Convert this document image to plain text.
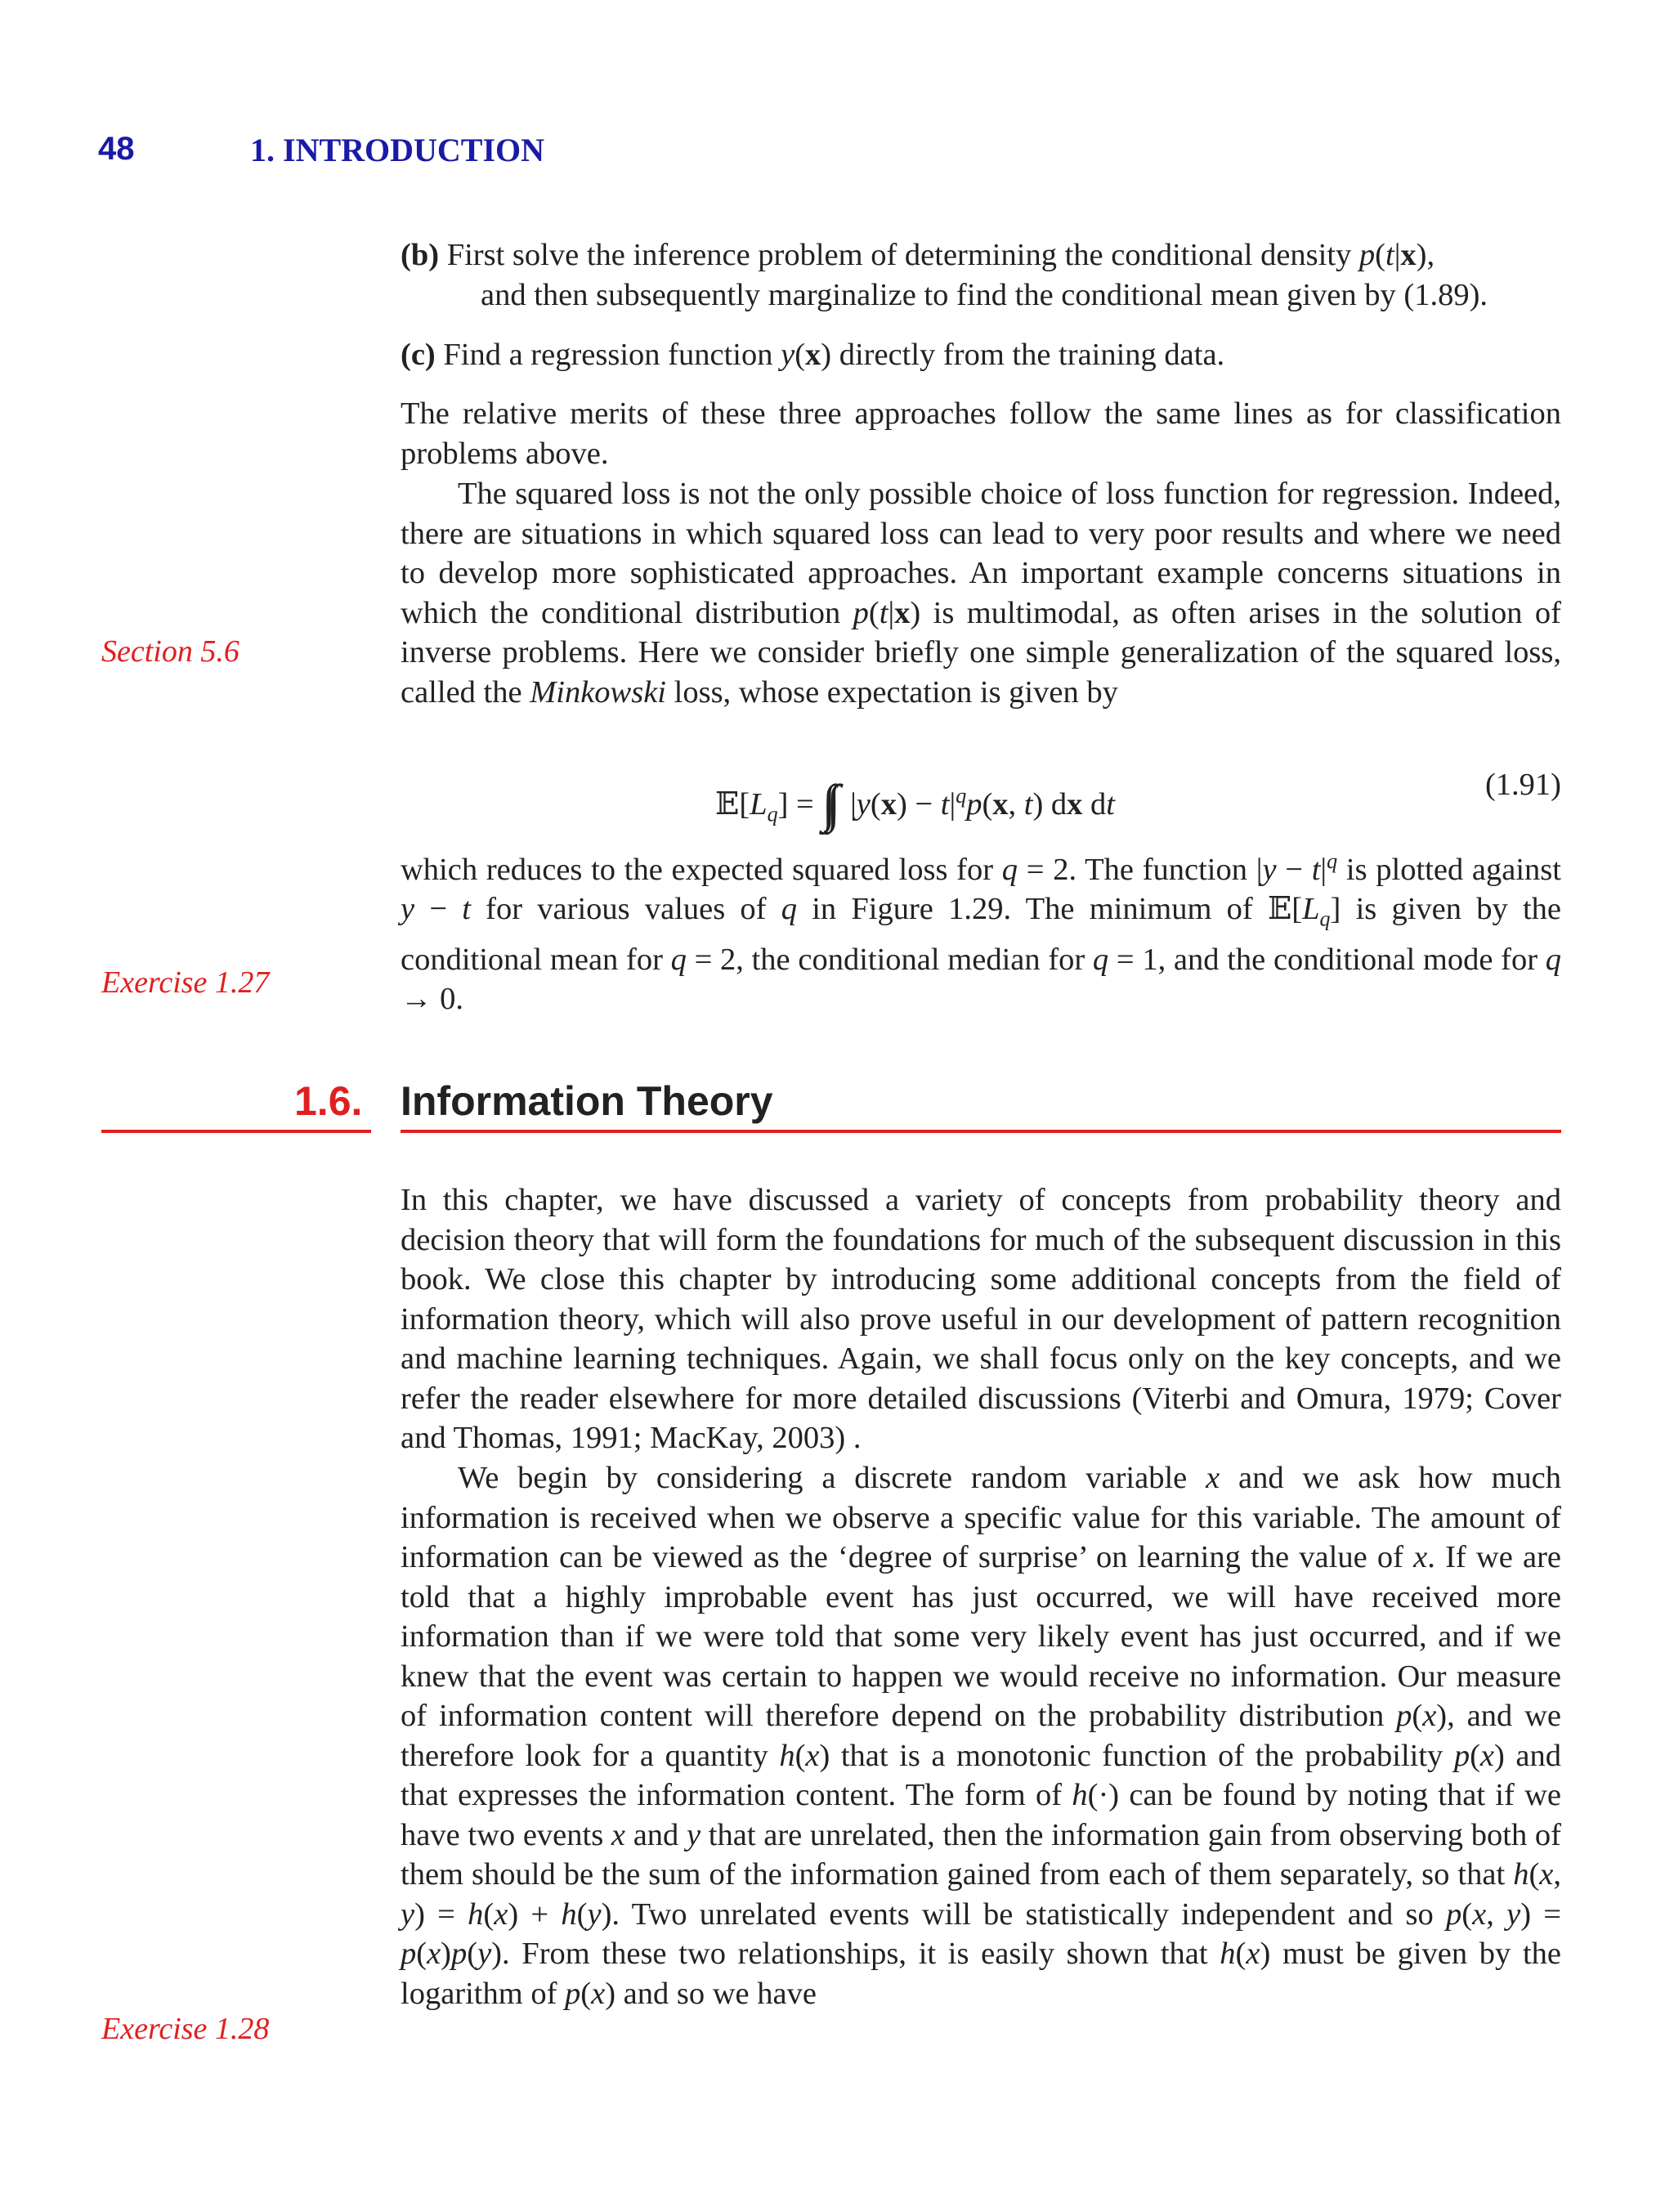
48	1. INTRODUCTION

(b) First solve the inference problem of determining the conditional density p(t|x),
and then subsequently marginalize to find the conditional mean given by (1.89).

(c) Find a regression function y(x) directly from the training data.

The relative merits of these three approaches follow the same lines as for classification problems above.

The squared loss is not the only possible choice of loss function for regression. Indeed, there are situations in which squared loss can lead to very poor results and where we need to develop more sophisticated approaches. An important example concerns situations in which the conditional distribution p(t|x) is multimodal, as often arises in the solution of inverse problems. Here we consider briefly one simple generalization of the squared loss, called the Minkowski loss, whose expectation is given by

Section 5.6
$𝔼[L_q]$ = ∫∫ $|y(x) - t|^qp(x$, t) dx dt
(1.91)

which reduces to the expected squared loss for q = 2. The function $|y - t|^q$ is plotted against y − t for various values of q in Figure 1.29. The minimum of $𝔼[L_q]$ is given by the conditional mean for q = 2, the conditional median for q = 1, and the conditional mode for q → 0.

Exercise 1.27
1.6. Information Theory

In this chapter, we have discussed a variety of concepts from probability theory and decision theory that will form the foundations for much of the subsequent discussion in this book. We close this chapter by introducing some additional concepts from the field of information theory, which will also prove useful in our development of pattern recognition and machine learning techniques. Again, we shall focus only on the key concepts, and we refer the reader elsewhere for more detailed discussions (Viterbi and Omura, 1979; Cover and Thomas, 1991; MacKay, 2003) .

We begin by considering a discrete random variable x and we ask how much information is received when we observe a specific value for this variable. The amount of information can be viewed as the ‘degree of surprise’ on learning the value of x. If we are told that a highly improbable event has just occurred, we will have received more information than if we were told that some very likely event has just occurred, and if we knew that the event was certain to happen we would receive no information. Our measure of information content will therefore depend on the probability distribution p(x), and we therefore look for a quantity h(x) that is a monotonic function of the probability p(x) and that expresses the information content. The form of h(·) can be found by noting that if we have two events x and y that are unrelated, then the information gain from observing both of them should be the sum of the information gained from each of them separately, so that h(x, y) = h(x) + h(y). Two unrelated events will be statistically independent and so p(x, y) = p(x)p(y). From these two relationships, it is easily shown that h(x) must be given by the logarithm of p(x) and so we have

Exercise 1.28
